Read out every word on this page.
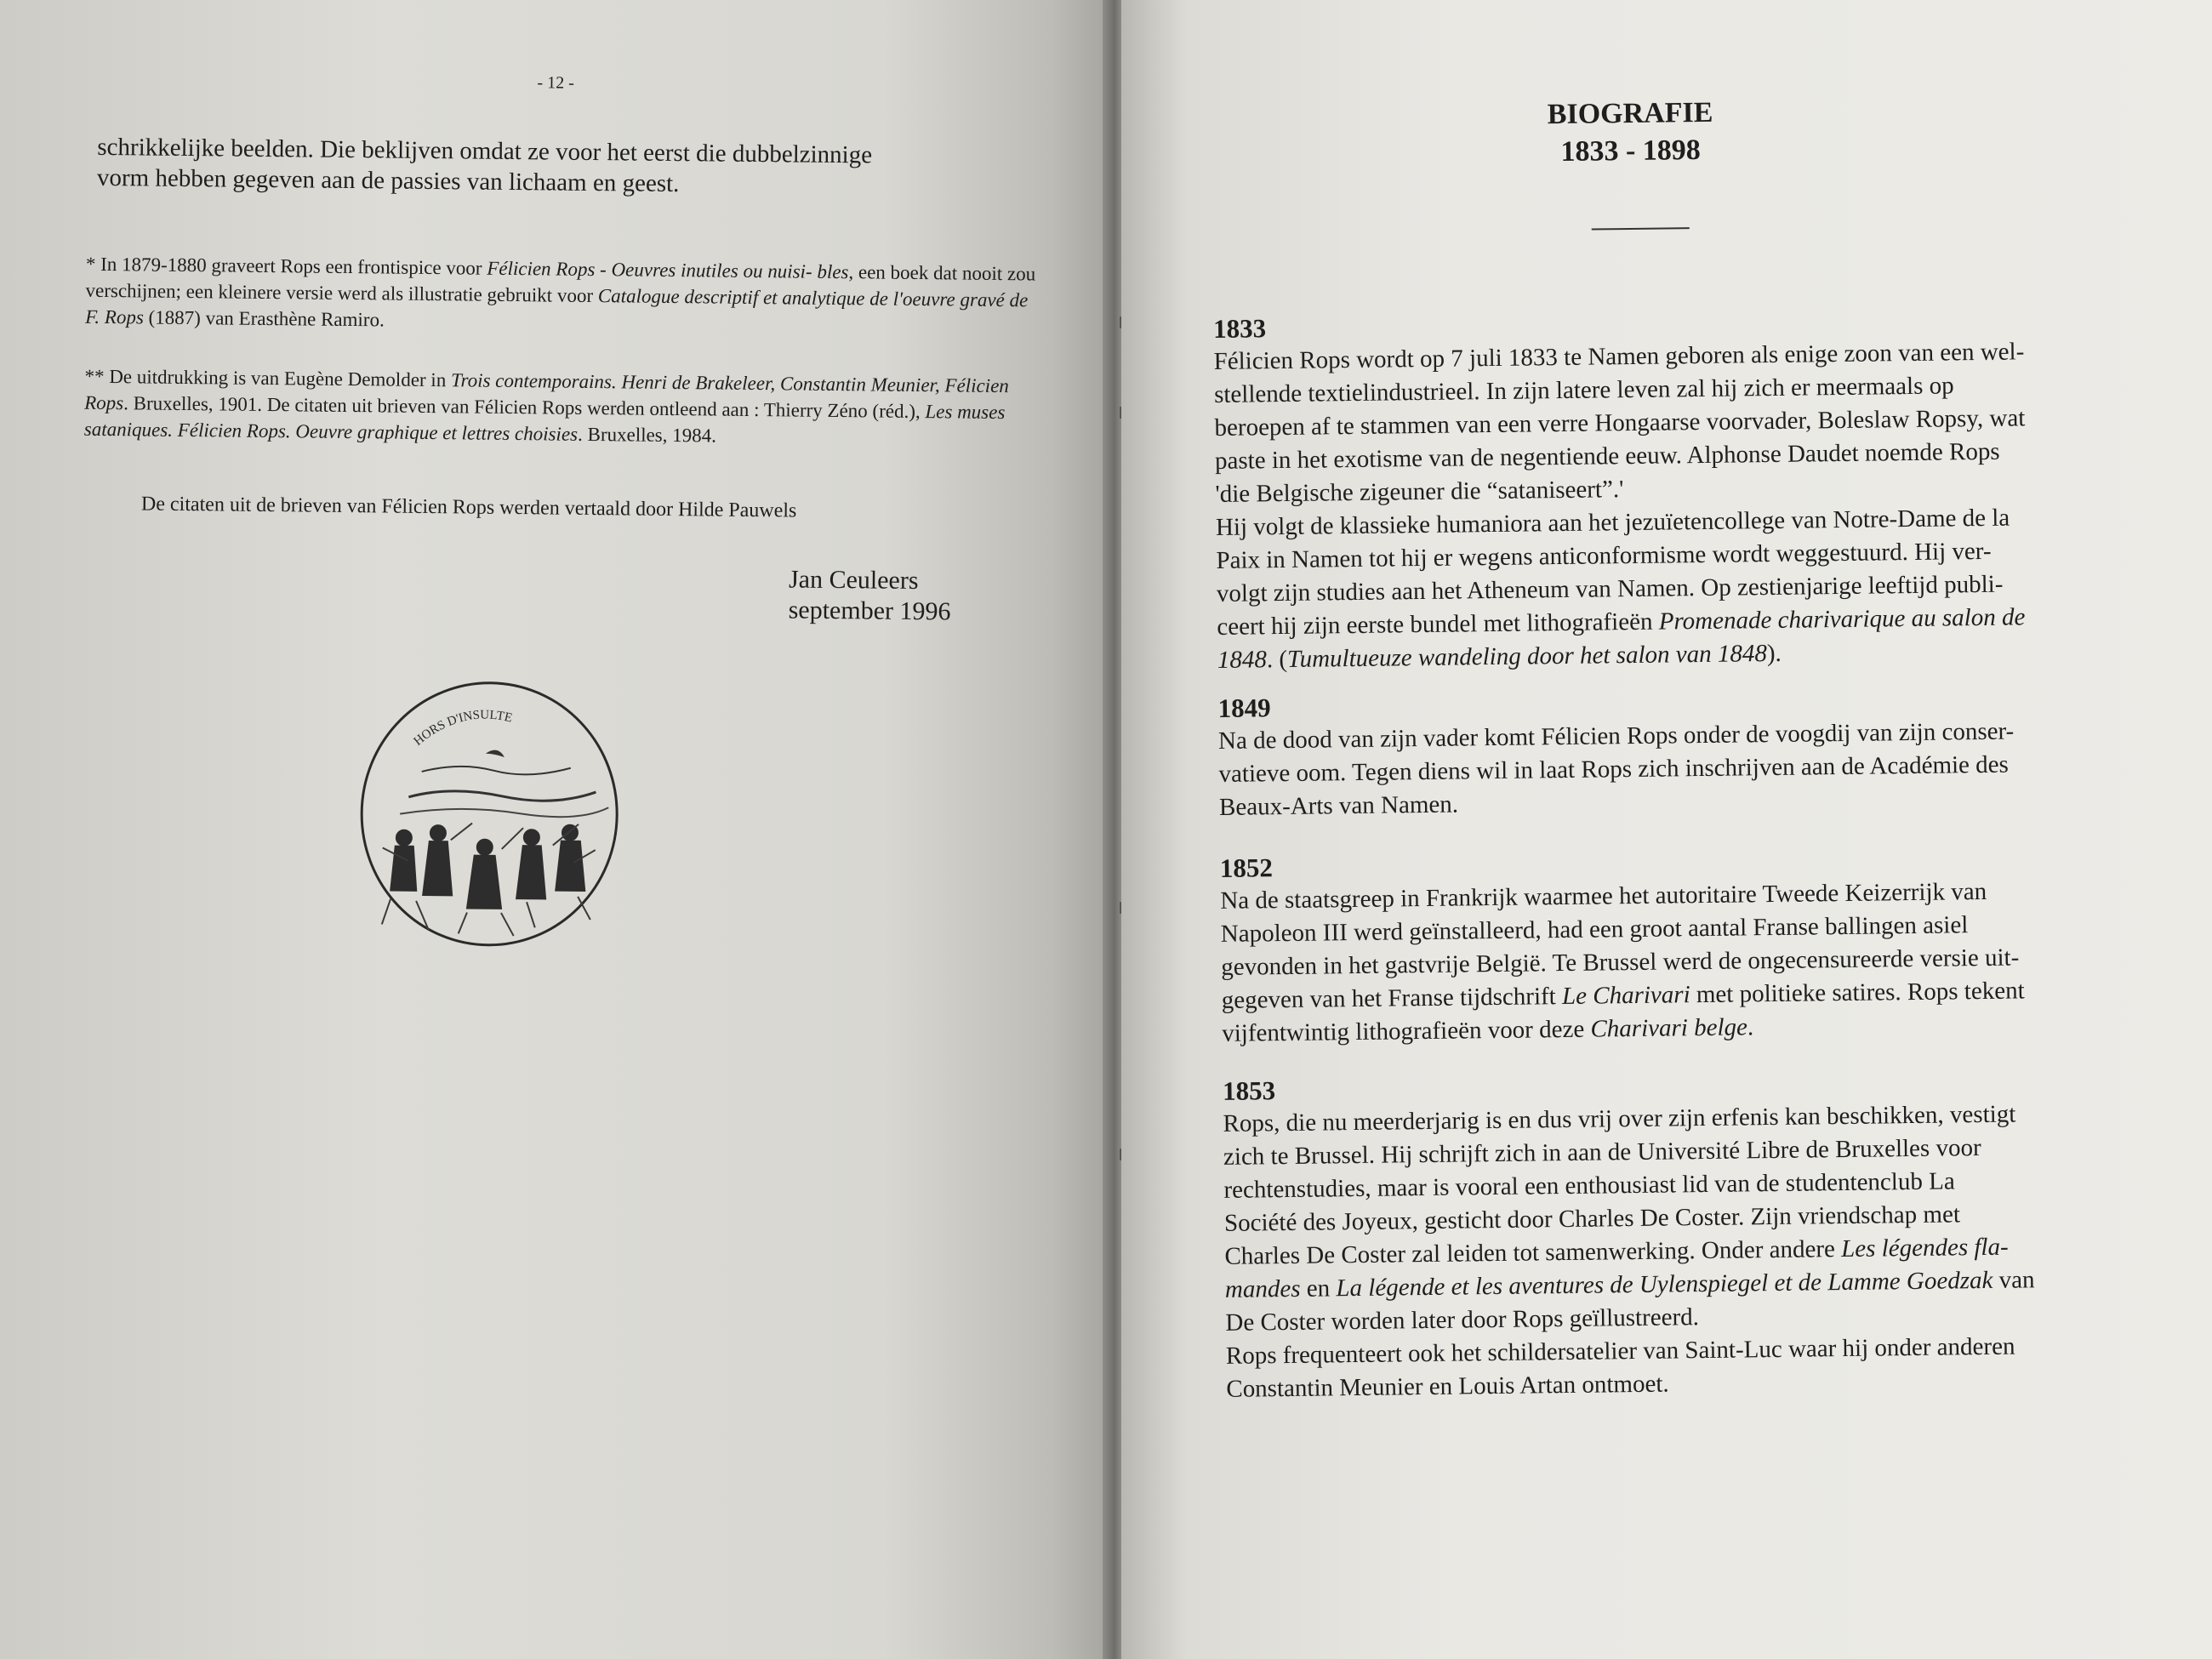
- 12 -
schrikkelijke beelden. Die beklijven omdat ze voor het eerst die dubbelzinnige
vorm hebben gegeven aan de passies van lichaam en geest.
* In 1879-1880 graveert Rops een frontispice voor Félicien Rops - Oeuvres inutiles ou nuisi- bles, een boek dat nooit zou verschijnen; een kleinere versie werd als illustratie gebruikt voor Catalogue descriptif et analytique de l'oeuvre gravé de F. Rops (1887) van Erasthène Ramiro.
** De uitdrukking is van Eugène Demolder in Trois contemporains. Henri de Brakeleer, Constantin Meunier, Félicien Rops. Bruxelles, 1901. De citaten uit brieven van Félicien Rops werden ontleend aan : Thierry Zéno (réd.), Les muses sataniques. Félicien Rops. Oeuvre graphique et lettres choisies. Bruxelles, 1984.
De citaten uit de brieven van Félicien Rops werden vertaald door Hilde Pauwels
Jan Ceuleers
september 1996
HORS D'INSULTE
BIOGRAFIE
1833 - 1898
1833
Félicien Rops wordt op 7 juli 1833 te Namen geboren als enige zoon van een wel-
stellende textielindustrieel. In zijn latere leven zal hij zich er meermaals op
beroepen af te stammen van een verre Hongaarse voorvader, Boleslaw Ropsy, wat
paste in het exotisme van de negentiende eeuw. Alphonse Daudet noemde Rops
'die Belgische zigeuner die “sataniseert”.'
Hij volgt de klassieke humaniora aan het jezuïetencollege van Notre-Dame de la
Paix in Namen tot hij er wegens anticonformisme wordt weggestuurd. Hij ver-
volgt zijn studies aan het Atheneum van Namen. Op zestienjarige leeftijd publi-
ceert hij zijn eerste bundel met lithografieën Promenade charivarique au salon de
1848. (Tumultueuze wandeling door het salon van 1848).
1849
Na de dood van zijn vader komt Félicien Rops onder de voogdij van zijn conser-
vatieve oom. Tegen diens wil in laat Rops zich inschrijven aan de Académie des
Beaux-Arts van Namen.
1852
Na de staatsgreep in Frankrijk waarmee het autoritaire Tweede Keizerrijk van
Napoleon III werd geïnstalleerd, had een groot aantal Franse ballingen asiel
gevonden in het gastvrije België. Te Brussel werd de ongecensureerde versie uit-
gegeven van het Franse tijdschrift Le Charivari met politieke satires. Rops tekent
vijfentwintig lithografieën voor deze Charivari belge.
1853
Rops, die nu meerderjarig is en dus vrij over zijn erfenis kan beschikken, vestigt
zich te Brussel. Hij schrijft zich in aan de Université Libre de Bruxelles voor
rechtenstudies, maar is vooral een enthousiast lid van de studentenclub La
Société des Joyeux, gesticht door Charles De Coster. Zijn vriendschap met
Charles De Coster zal leiden tot samenwerking. Onder andere Les légendes fla-
mandes en La légende et les aventures de Uylenspiegel et de Lamme Goedzak van
De Coster worden later door Rops geïllustreerd.
Rops frequenteert ook het schildersatelier van Saint-Luc waar hij onder anderen
Constantin Meunier en Louis Artan ontmoet.
